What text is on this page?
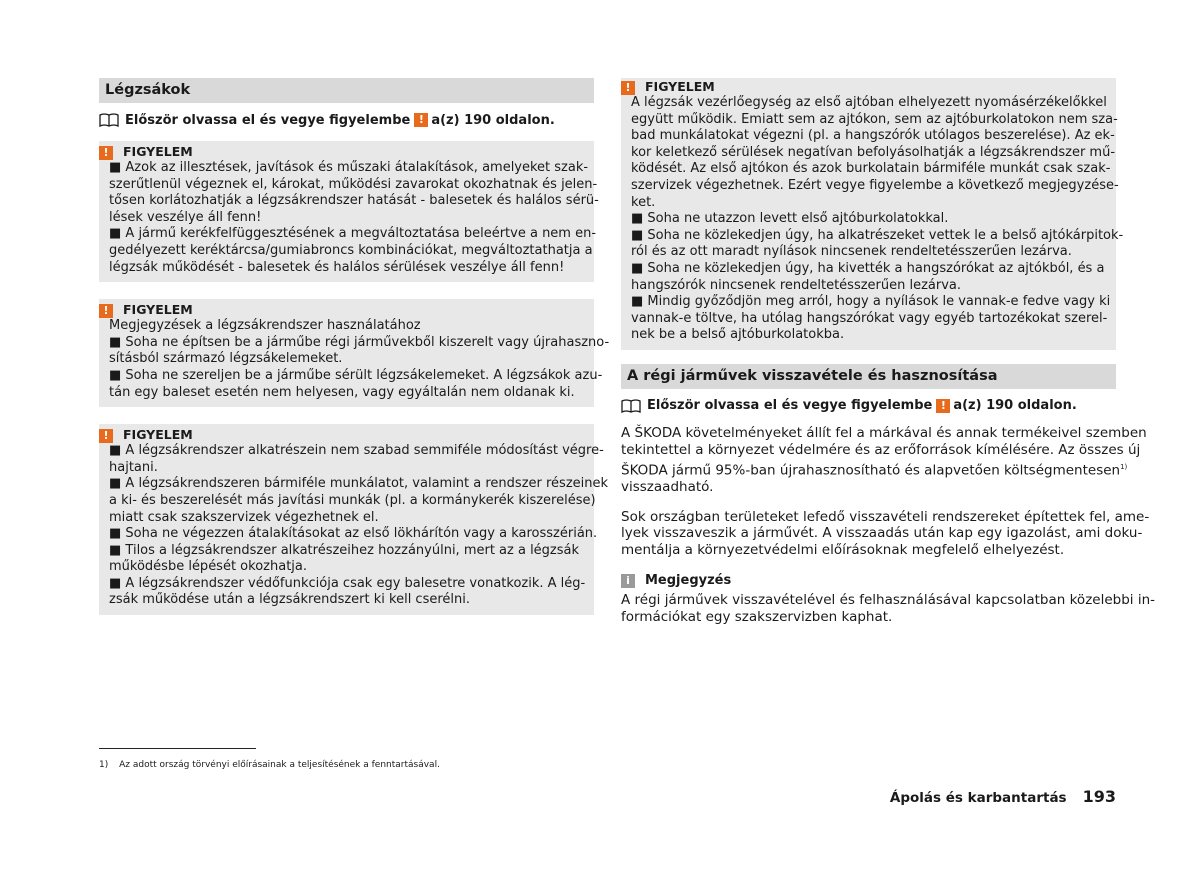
Légzsákok
Először olvassa el és vegye figyelembe ! a(z) 190 oldalon.
!	FIGYELEM

■ Azok az illesztések, javítások és műszaki átalakítások, amelyeket szak-
szerűtlenül végeznek el, károkat, működési zavarokat okozhatnak és jelen-
tősen korlátozhatják a légzsákrendszer hatását - balesetek és halálos sérü-
lések veszélye áll fenn!
■ A jármű kerékfelfüggesztésének a megváltoztatása beleértve a nem en-
gedélyezett keréktárcsa/gumiabroncs kombinációkat, megváltoztathatja a
légzsák működését - balesetek és halálos sérülések veszélye áll fenn!

!	FIGYELEM

Megjegyzések a légzsákrendszer használatához
■ Soha ne építsen be a járműbe régi járművekből kiszerelt vagy újrahaszno-
sításból származó légzsákelemeket.
■ Soha ne szereljen be a járműbe sérült légzsákelemeket. A légzsákok azu-
tán egy baleset esetén nem helyesen, vagy egyáltalán nem oldanak ki.

!	FIGYELEM

■ A légzsákrendszer alkatrészein nem szabad semmiféle módosítást végre-
hajtani.
■ A légzsákrendszeren bármiféle munkálatot, valamint a rendszer részeinek
a ki- és beszerelését más javítási munkák (pl. a kormánykerék kiszerelése)
miatt csak szakszervizek végezhetnek el.
■ Soha ne végezzen átalakításokat az első lökhárítón vagy a karosszérián.
■ Tilos a légzsákrendszer alkatrészeihez hozzányúlni, mert az a légzsák
működésbe lépését okozhatja.
■ A légzsákrendszer védőfunkciója csak egy balesetre vonatkozik. A lég-
zsák működése után a légzsákrendszert ki kell cserélni.

!	FIGYELEM

A légzsák vezérlőegység az első ajtóban elhelyezett nyomásérzékelőkkel
együtt működik. Emiatt sem az ajtókon, sem az ajtóburkolatokon nem sza-
bad munkálatokat végezni (pl. a hangszórók utólagos beszerelése). Az ek-
kor keletkező sérülések negatívan befolyásolhatják a légzsákrendszer mű-
ködését. Az első ajtókon és azok burkolatain bármiféle munkát csak szak-
szervizek végezhetnek. Ezért vegye figyelembe a következő megjegyzése-
ket.
■ Soha ne utazzon levett első ajtóburkolatokkal.
■ Soha ne közlekedjen úgy, ha alkatrészeket vettek le a belső ajtókárpitok-
ról és az ott maradt nyílások nincsenek rendeltetésszerűen lezárva.
■ Soha ne közlekedjen úgy, ha kivették a hangszórókat az ajtókból, és a
hangszórók nincsenek rendeltetésszerűen lezárva.
■ Mindig győződjön meg arról, hogy a nyílások le vannak-e fedve vagy ki
vannak-e töltve, ha utólag hangszórókat vagy egyéb tartozékokat szerel-
nek be a belső ajtóburkolatokba.

A régi járművek visszavétele és hasznosítása
Először olvassa el és vegye figyelembe ! a(z) 190 oldalon.

A ŠKODA követelményeket állít fel a márkával és annak termékeivel szemben
tekintettel a környezet védelmére és az erőforrások kímélésére. Az összes új
ŠKODA jármű 95%-ban újrahasznosítható és alapvetően költségmentesen$^{1)}$
visszaadható.

Sok országban területeket lefedő visszavételi rendszereket építettek fel, ame-
lyek visszaveszik a járművét. A visszaadás után kap egy igazolást, ami doku-
mentálja a környezetvédelmi előírásoknak megfelelő elhelyezést.

i	Megjegyzés
A régi járművek visszavételével és felhasználásával kapcsolatban közelebbi in-
formációkat egy szakszervizben kaphat.
1) Az adott ország törvényi előírásainak a teljesítésének a fenntartásával.
Ápolás és karbantartás 193
